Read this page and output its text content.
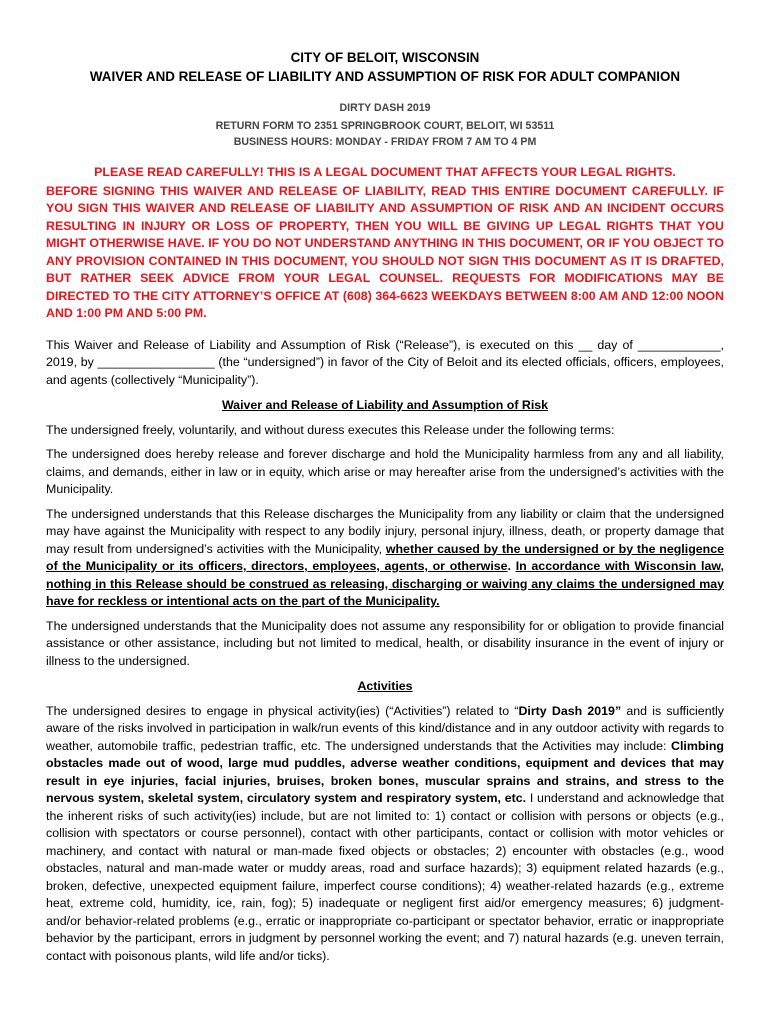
CITY OF BELOIT, WISCONSIN
WAIVER AND RELEASE OF LIABILITY AND ASSUMPTION OF RISK FOR ADULT COMPANION
DIRTY DASH 2019
RETURN FORM TO 2351 SPRINGBROOK COURT, BELOIT, WI 53511
BUSINESS HOURS: MONDAY - FRIDAY FROM 7 AM TO 4 PM
PLEASE READ CAREFULLY! THIS IS A LEGAL DOCUMENT THAT AFFECTS YOUR LEGAL RIGHTS.

BEFORE SIGNING THIS WAIVER AND RELEASE OF LIABILITY, READ THIS ENTIRE DOCUMENT CAREFULLY. IF YOU SIGN THIS WAIVER AND RELEASE OF LIABILITY AND ASSUMPTION OF RISK AND AN INCIDENT OCCURS RESULTING IN INJURY OR LOSS OF PROPERTY, THEN YOU WILL BE GIVING UP LEGAL RIGHTS THAT YOU MIGHT OTHERWISE HAVE. IF YOU DO NOT UNDERSTAND ANYTHING IN THIS DOCUMENT, OR IF YOU OBJECT TO ANY PROVISION CONTAINED IN THIS DOCUMENT, YOU SHOULD NOT SIGN THIS DOCUMENT AS IT IS DRAFTED, BUT RATHER SEEK ADVICE FROM YOUR LEGAL COUNSEL. REQUESTS FOR MODIFICATIONS MAY BE DIRECTED TO THE CITY ATTORNEY’S OFFICE AT (608) 364-6623 WEEKDAYS BETWEEN 8:00 AM AND 12:00 NOON AND 1:00 PM AND 5:00 PM.

This Waiver and Release of Liability and Assumption of Risk (“Release”), is executed on this __ day of ____________, 2019, by _________________ (the “undersigned”) in favor of the City of Beloit and its elected officials, officers, employees, and agents (collectively “Municipality”).

Waiver and Release of Liability and Assumption of Risk

The undersigned freely, voluntarily, and without duress executes this Release under the following terms:

The undersigned does hereby release and forever discharge and hold the Municipality harmless from any and all liability, claims, and demands, either in law or in equity, which arise or may hereafter arise from the undersigned’s activities with the Municipality.

The undersigned understands that this Release discharges the Municipality from any liability or claim that the undersigned may have against the Municipality with respect to any bodily injury, personal injury, illness, death, or property damage that may result from undersigned’s activities with the Municipality, whether caused by the undersigned or by the negligence of the Municipality or its officers, directors, employees, agents, or otherwise. In accordance with Wisconsin law, nothing in this Release should be construed as releasing, discharging or waiving any claims the undersigned may have for reckless or intentional acts on the part of the Municipality.

The undersigned understands that the Municipality does not assume any responsibility for or obligation to provide financial assistance or other assistance, including but not limited to medical, health, or disability insurance in the event of injury or illness to the undersigned.

Activities

The undersigned desires to engage in physical activity(ies) (“Activities”) related to “Dirty Dash 2019” and is sufficiently aware of the risks involved in participation in walk/run events of this kind/distance and in any outdoor activity with regards to weather, automobile traffic, pedestrian traffic, etc. The undersigned understands that the Activities may include: Climbing obstacles made out of wood, large mud puddles, adverse weather conditions, equipment and devices that may result in eye injuries, facial injuries, bruises, broken bones, muscular sprains and strains, and stress to the nervous system, skeletal system, circulatory system and respiratory system, etc. I understand and acknowledge that the inherent risks of such activity(ies) include, but are not limited to: 1) contact or collision with persons or objects (e.g., collision with spectators or course personnel), contact with other participants, contact or collision with motor vehicles or machinery, and contact with natural or man-made fixed objects or obstacles; 2) encounter with obstacles (e.g., wood obstacles, natural and man-made water or muddy areas, road and surface hazards); 3) equipment related hazards (e.g., broken, defective, unexpected equipment failure, imperfect course conditions); 4) weather-related hazards (e.g., extreme heat, extreme cold, humidity, ice, rain, fog); 5) inadequate or negligent first aid/or emergency measures; 6) judgment- and/or behavior-related problems (e.g., erratic or inappropriate co-participant or spectator behavior, erratic or inappropriate behavior by the participant, errors in judgment by personnel working the event; and 7) natural hazards (e.g. uneven terrain, contact with poisonous plants, wild life and/or ticks).
